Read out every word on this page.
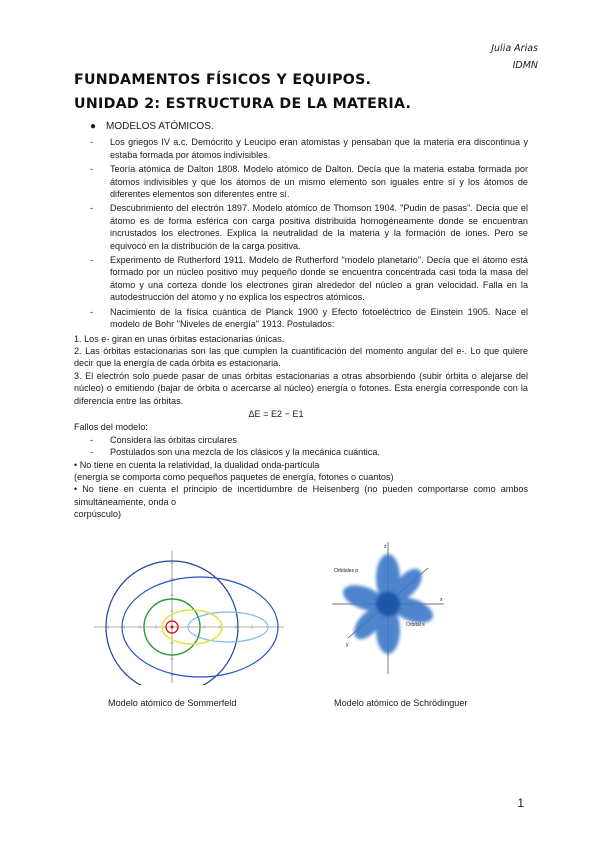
Julia Arias
IDMN
FUNDAMENTOS FÍSICOS Y EQUIPOS.
UNIDAD 2: ESTRUCTURA DE LA MATERIA.
● MODELOS ATÓMICOS.
-	Los griegos IV a.c. Demócrito y Leucipo eran atomistas y pensaban que la materia era discontinua y estaba formada por átomos indivisibles.
-	Teoría atómica de Dalton 1808. Modelo atómico de Dalton. Decía que la materia estaba formada por átomos indivisibles y que los átomos de un mismo elemento son iguales entre sí y los átomos de diferentes elementos son diferentes entre sí.
-	Descubrimiento del electrón 1897. Modelo atómico de Thomson 1904. "Pudin de pasas". Decía que el átomo es de forma esférica con carga positiva distribuida homogéneamente donde se encuentran incrustados los electrones. Explica la neutralidad de la materia y la formación de iones. Pero se equivocó en la distribución de la carga positiva.
-	Experimento de Rutherford 1911. Modelo de Rutherford "modelo planetario". Decía que el átomo está formado por un núcleo positivo muy pequeño donde se encuentra concentrada casi toda la masa del átomo y una corteza donde los electrones giran alrededor del núcleo a gran velocidad. Falla en la autodestrucción del átomo y no explica los espectros atómicos.
-	Nacimiento de la física cuántica de Planck 1900 y Efecto fotoeléctrico de Einstein 1905. Nace el modelo de Bohr "Niveles de energía" 1913. Postulados:

1. Los e- giran en unas órbitas estacionarias únicas.

2. Las órbitas estacionarias son las que cumplen la cuantificación del momento angular del e-. Lo que quiere decir que la energía de cada órbita es estacionaria.

3. El electrón solo puede pasar de unas órbitas estacionarias a otras absorbiendo (subir órbita o alejarse del núcleo) o emitiendo (bajar de órbita o acercarse al núcleo) energía o fotones. Esta energía corresponde con la diferencia entre las órbitas.

ΔE = E2 − E1

Fallos del modelo:

-	Considera las órbitas circulares
-	Postulados son una mezcla de los clásicos y la mecánica cuántica.

• No tiene en cuenta la relatividad, la dualidad onda-partícula

(energía se comporta como pequeños paquetes de energía, fotones o cuantos)

• No tiene en cuenta el principio de incertidumbre de Heisenberg (no pueden comportarse como ambos simultáneamente, onda o

corpúsculo)

z
x
y
Orbitales p
Orbital s
Modelo atómico de Sommerfeld	Modelo atómico de Schrödinguer
1
